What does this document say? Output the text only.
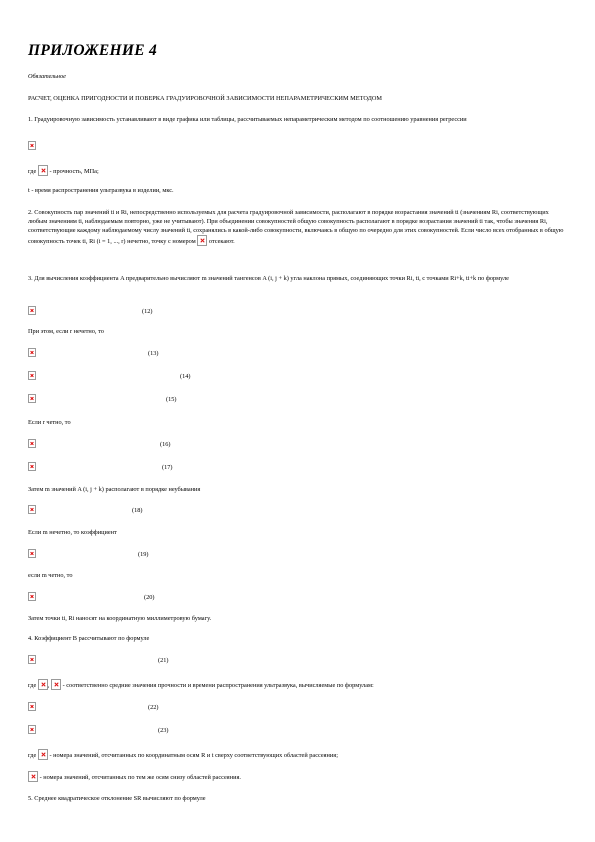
ПРИЛОЖЕНИЕ 4
Обязательное
РАСЧЕТ, ОЦЕНКА ПРИГОДНОСТИ И ПОВЕРКА ГРАДУИРОВОЧНОЙ ЗАВИСИМОСТИ НЕПАРАМЕТРИЧЕСКИМ МЕТОДОМ
1. Градуировочную зависимость устанавливают в виде графика или таблицы, рассчитываемых непараметрическим методом по соотношению уравнения регрессии
где - прочность, МПа;
t - время распространения ультразвука в изделии, мкс.
2. Совокупность пар значений ti и Ri, непосредственно используемых для расчета градуировочной зависимости, располагают в порядке возрастания значений ti (значениям Ri, соответствующих любым значениям ti, наблюдаемым повторно, уже не учитывают). При объединении совокупностей общую совокупность располагают в порядке возрастания значений ti так, чтобы значения Ri, соответствующие каждому наблюдаемому числу значений ti, сохранялись в какой-либо совокупности, включаясь в общую по очередно для этих совокупностей. Если число всех отобранных в общую совокупность точек ti, Ri (i = 1, ..., r) нечетно, точку с номером отсекают.
3. Для вычисления коэффициента A предварительно вычисляют m значений тангенсов A (i, j + k) угла наклона прямых, соединяющих точки Ri, ti, с точками Ri+k, ti+k по формуле
(12)
При этом, если r нечетно, то
(13)
(14)
(15)
Если r четно, то
(16)
(17)
Затем m значений A (i, j + k) располагают в порядке неубывания
(18)
Если m нечетно, то коэффициент
(19)
если m четно, то
(20)
Затем точки ti, Ri наносят на координатную миллиметровую бумагу.
4. Коэффициент B рассчитывают по формуле
(21)
где ,  - соответственно средние значения прочности и времени распространения ультразвука, вычисляемые по формулам:
(22)
(23)
где - номера значений, отсчитанных по координатным осям R и t сверху соответствующих областей рассеяния;
- номера значений, отсчитанных по тем же осям снизу областей рассеяния.
5. Среднее квадратическое отклонение SR вычисляют по формуле
